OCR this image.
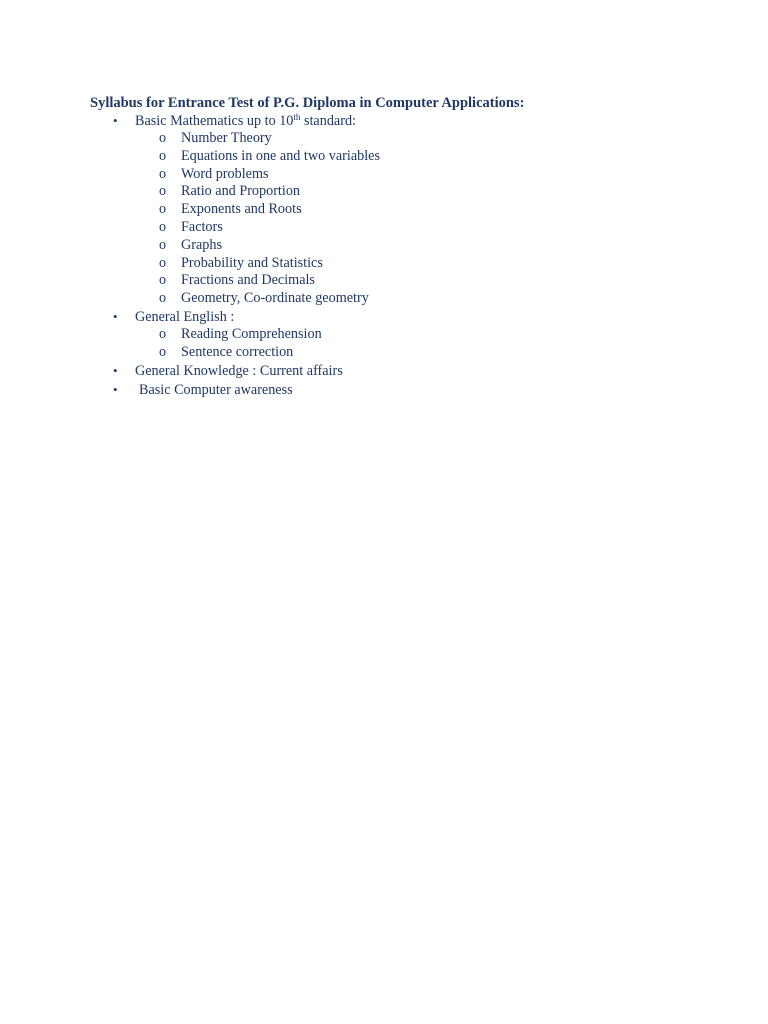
Syllabus for Entrance Test of P.G. Diploma in Computer Applications:

• Basic Mathematics up to 10th standard:
o Number Theory
o Equations in one and two variables
o Word problems
o Ratio and Proportion
o Exponents and Roots
o Factors
o Graphs
o Probability and Statistics
o Fractions and Decimals
o Geometry, Co-ordinate geometry
• General English :
o Reading Comprehension
o Sentence correction
• General Knowledge : Current affairs
• Basic Computer awareness
